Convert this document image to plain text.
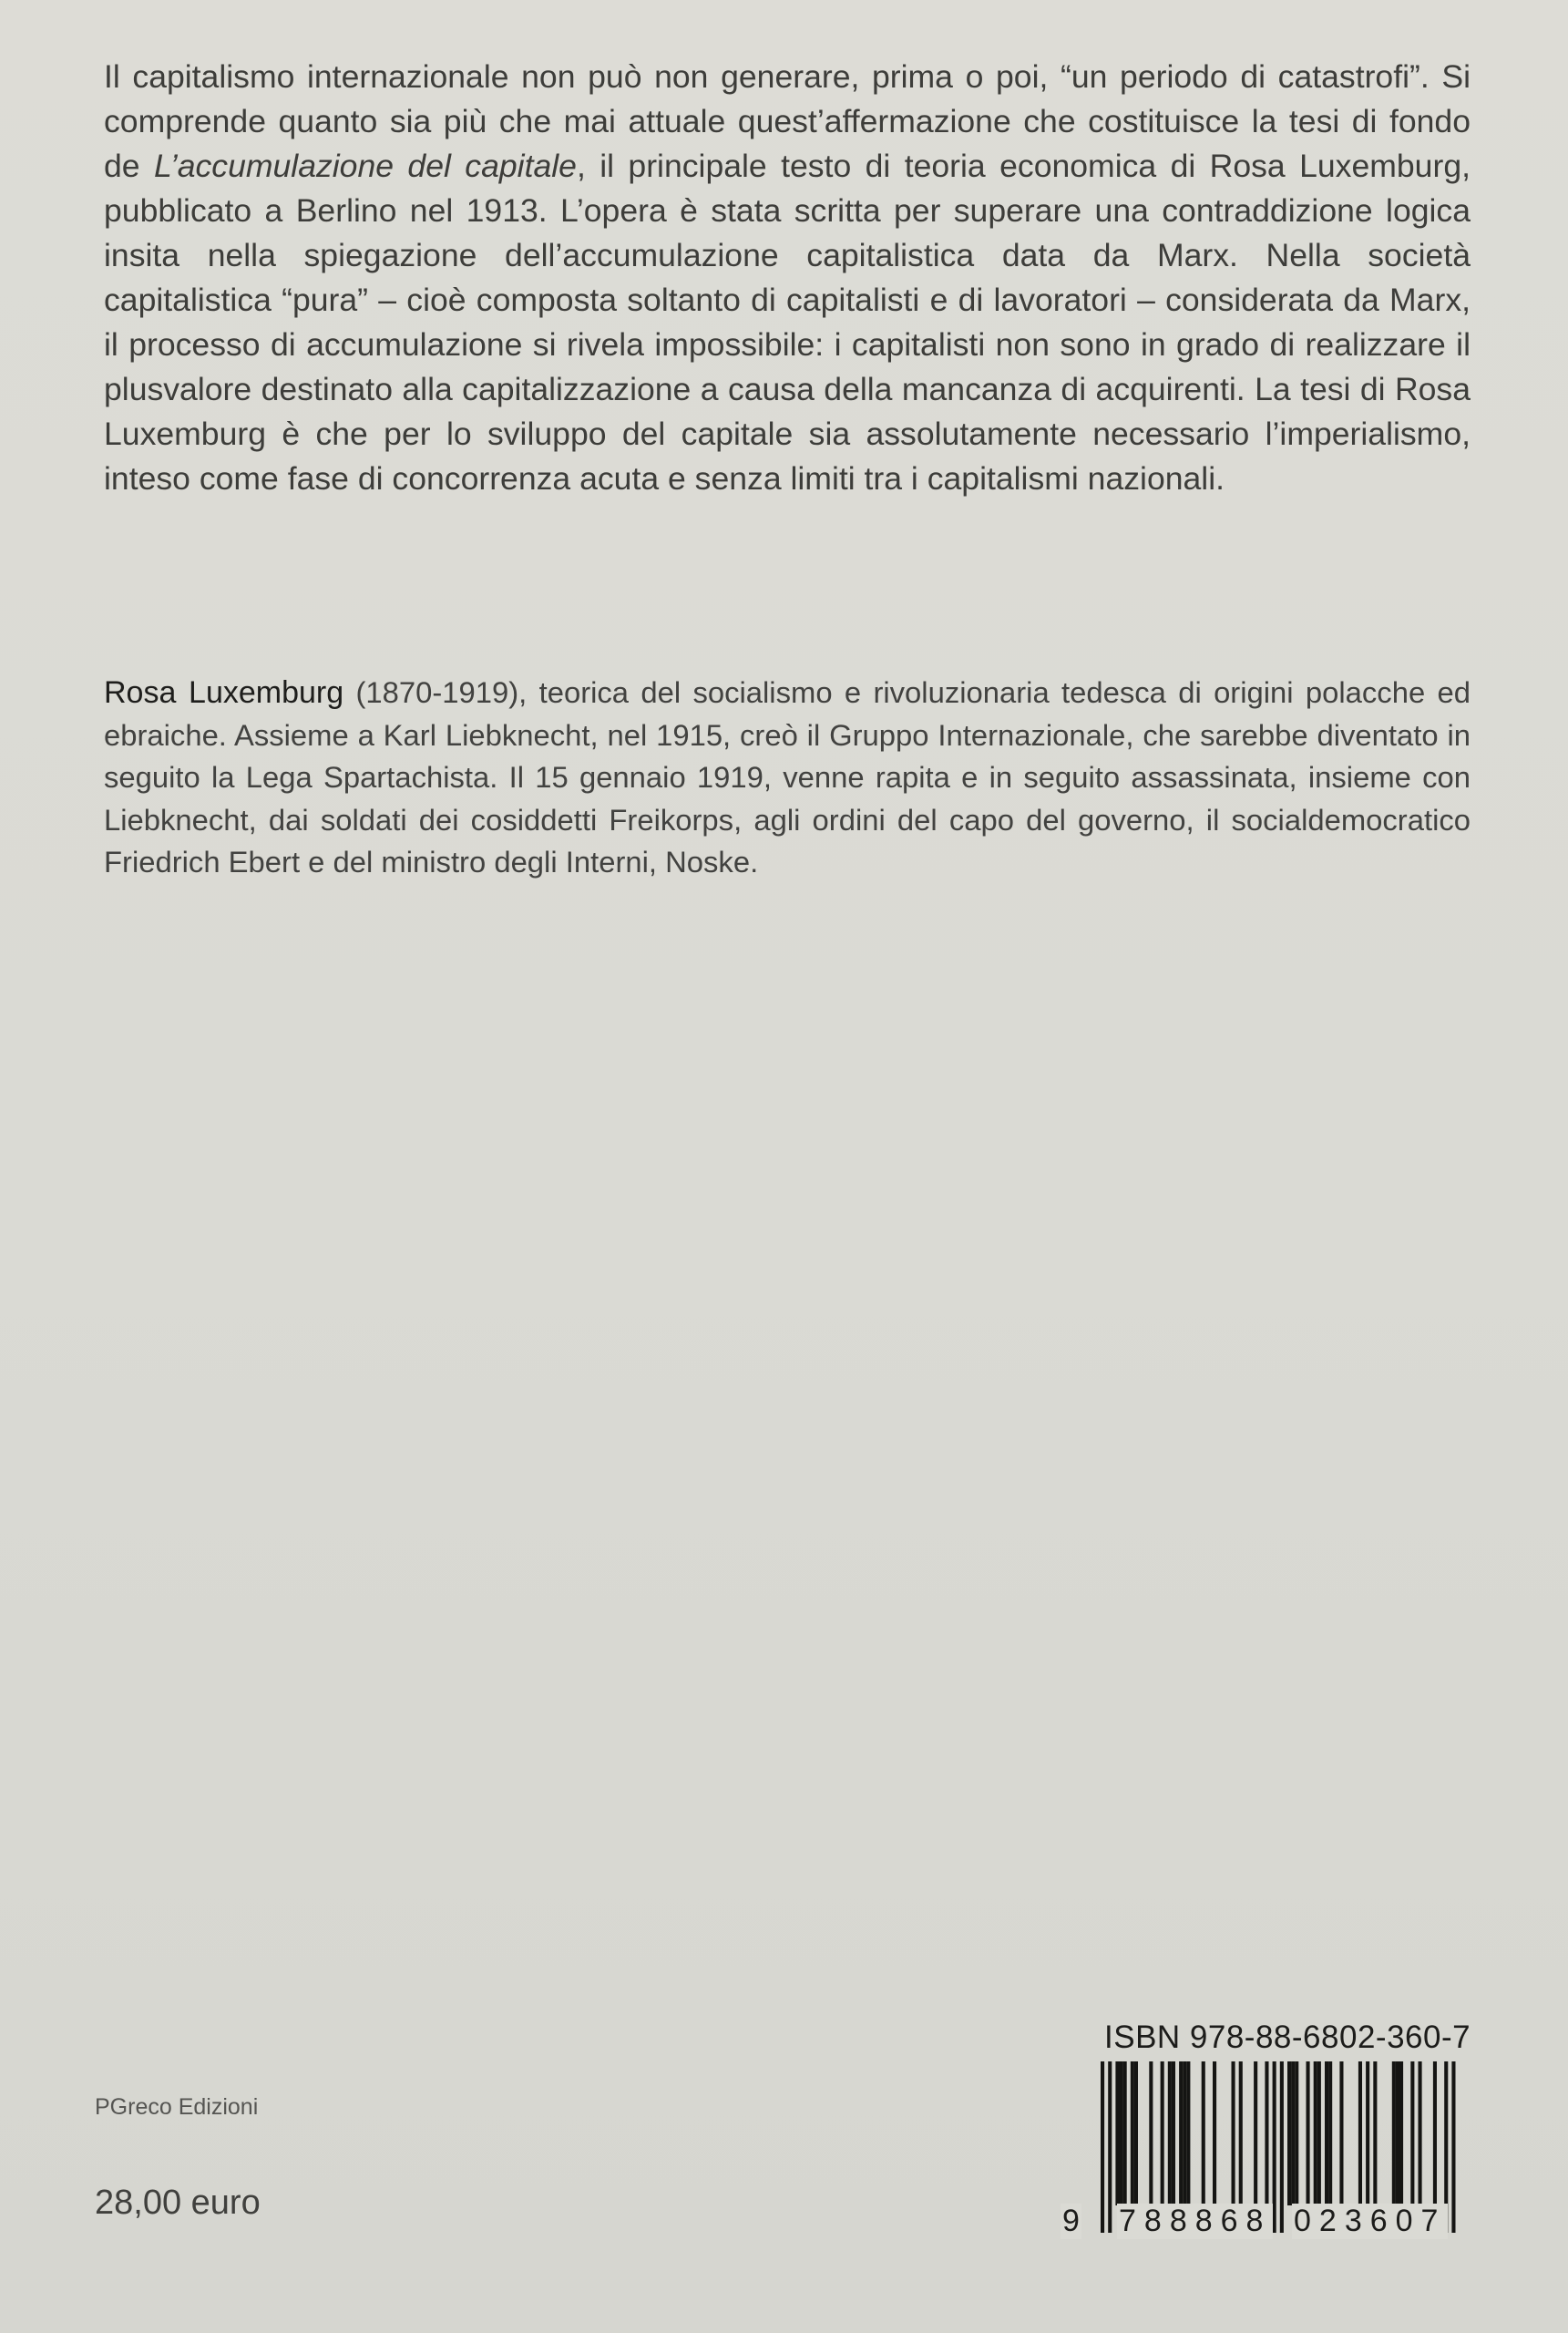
Il capitalismo internazionale non può non generare, prima o poi, “un periodo di catastrofi”. Si comprende quanto sia più che mai attuale quest’affermazione che costituisce la tesi di fondo de L’accumulazione del capitale, il principale testo di teoria economica di Rosa Luxemburg, pubblicato a Berlino nel 1913. L’opera è stata scritta per superare una contraddizione logica insita nella spiegazione dell’accumulazione capitalistica data da Marx. Nella società capitalistica “pura” – cioè composta soltanto di capitalisti e di lavoratori – considerata da Marx, il processo di accumulazione si rivela impossibile: i capitalisti non sono in grado di realizzare il plusvalore destinato alla capitalizzazione a causa della mancanza di acquirenti. La tesi di Rosa Luxemburg è che per lo sviluppo del capitale sia assolutamente necessario l’imperialismo, inteso come fase di concorrenza acuta e senza limiti tra i capitalismi nazionali.

Rosa Luxemburg (1870-1919), teorica del socialismo e rivoluzionaria tedesca di origini polacche ed ebraiche. Assieme a Karl Liebknecht, nel 1915, creò il Gruppo Internazionale, che sarebbe diventato in seguito la Lega Spartachista. Il 15 gennaio 1919, venne rapita e in seguito assassinata, insieme con Liebknecht, dai soldati dei cosiddetti Freikorps, agli ordini del capo del governo, il socialdemocratico Friedrich Ebert e del ministro degli Interni, Noske.

PGreco Edizioni
28,00 euro
ISBN 978-88-6802-360-7
9 788868 023607
